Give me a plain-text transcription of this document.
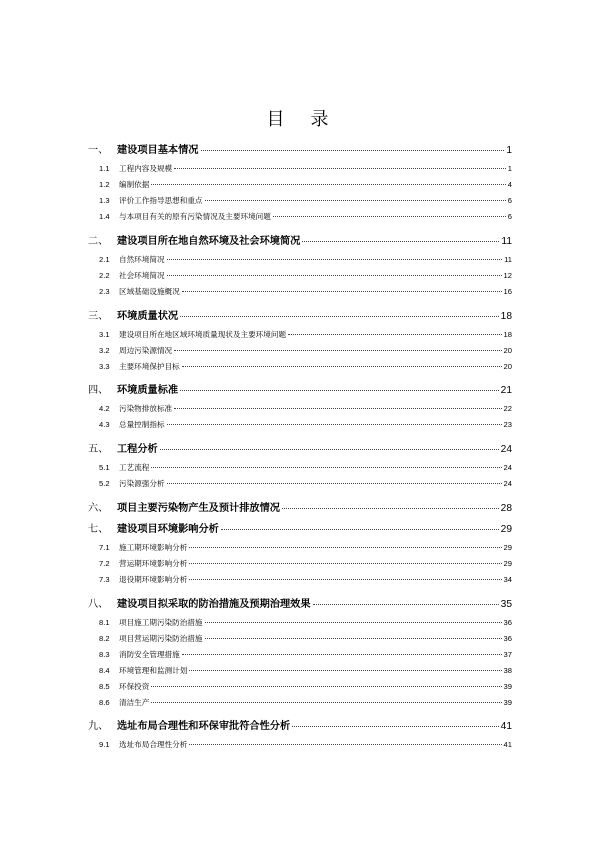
目 录
一、 建设项目基本情况	1
1.1	工程内容及规模	1
1.2	编制依据	4
1.3	评价工作指导思想和重点	6
1.4	与本项目有关的原有污染情况及主要环境问题	6
二、 建设项目所在地自然环境及社会环境简况	11
2.1	自然环境简况	11
2.2	社会环境简况	12
2.3	区域基础设施概况	16
三、 环境质量状况	18
3.1	建设项目所在地区域环境质量现状及主要环境问题	18
3.2	周边污染源情况	20
3.3	主要环境保护目标	20
四、 环境质量标准	21
4.2	污染物排放标准	22
4.3	总量控制指标	23
五、 工程分析	24
5.1	工艺流程	24
5.2	污染源强分析	24
六、 项目主要污染物产生及预计排放情况	28
七、 建设项目环境影响分析	29
7.1	施工期环境影响分析	29
7.2	营运期环境影响分析	29
7.3	退役期环境影响分析	34
八、 建设项目拟采取的防治措施及预期治理效果	35
8.1	项目施工期污染防治措施	36
8.2	项目营运期污染防治措施	36
8.3	消防安全管理措施	37
8.4	环境管理和监测计划	38
8.5	环保投资	39
8.6	清洁生产	39
九、 选址布局合理性和环保审批符合性分析	41
9.1	选址布局合理性分析	41
